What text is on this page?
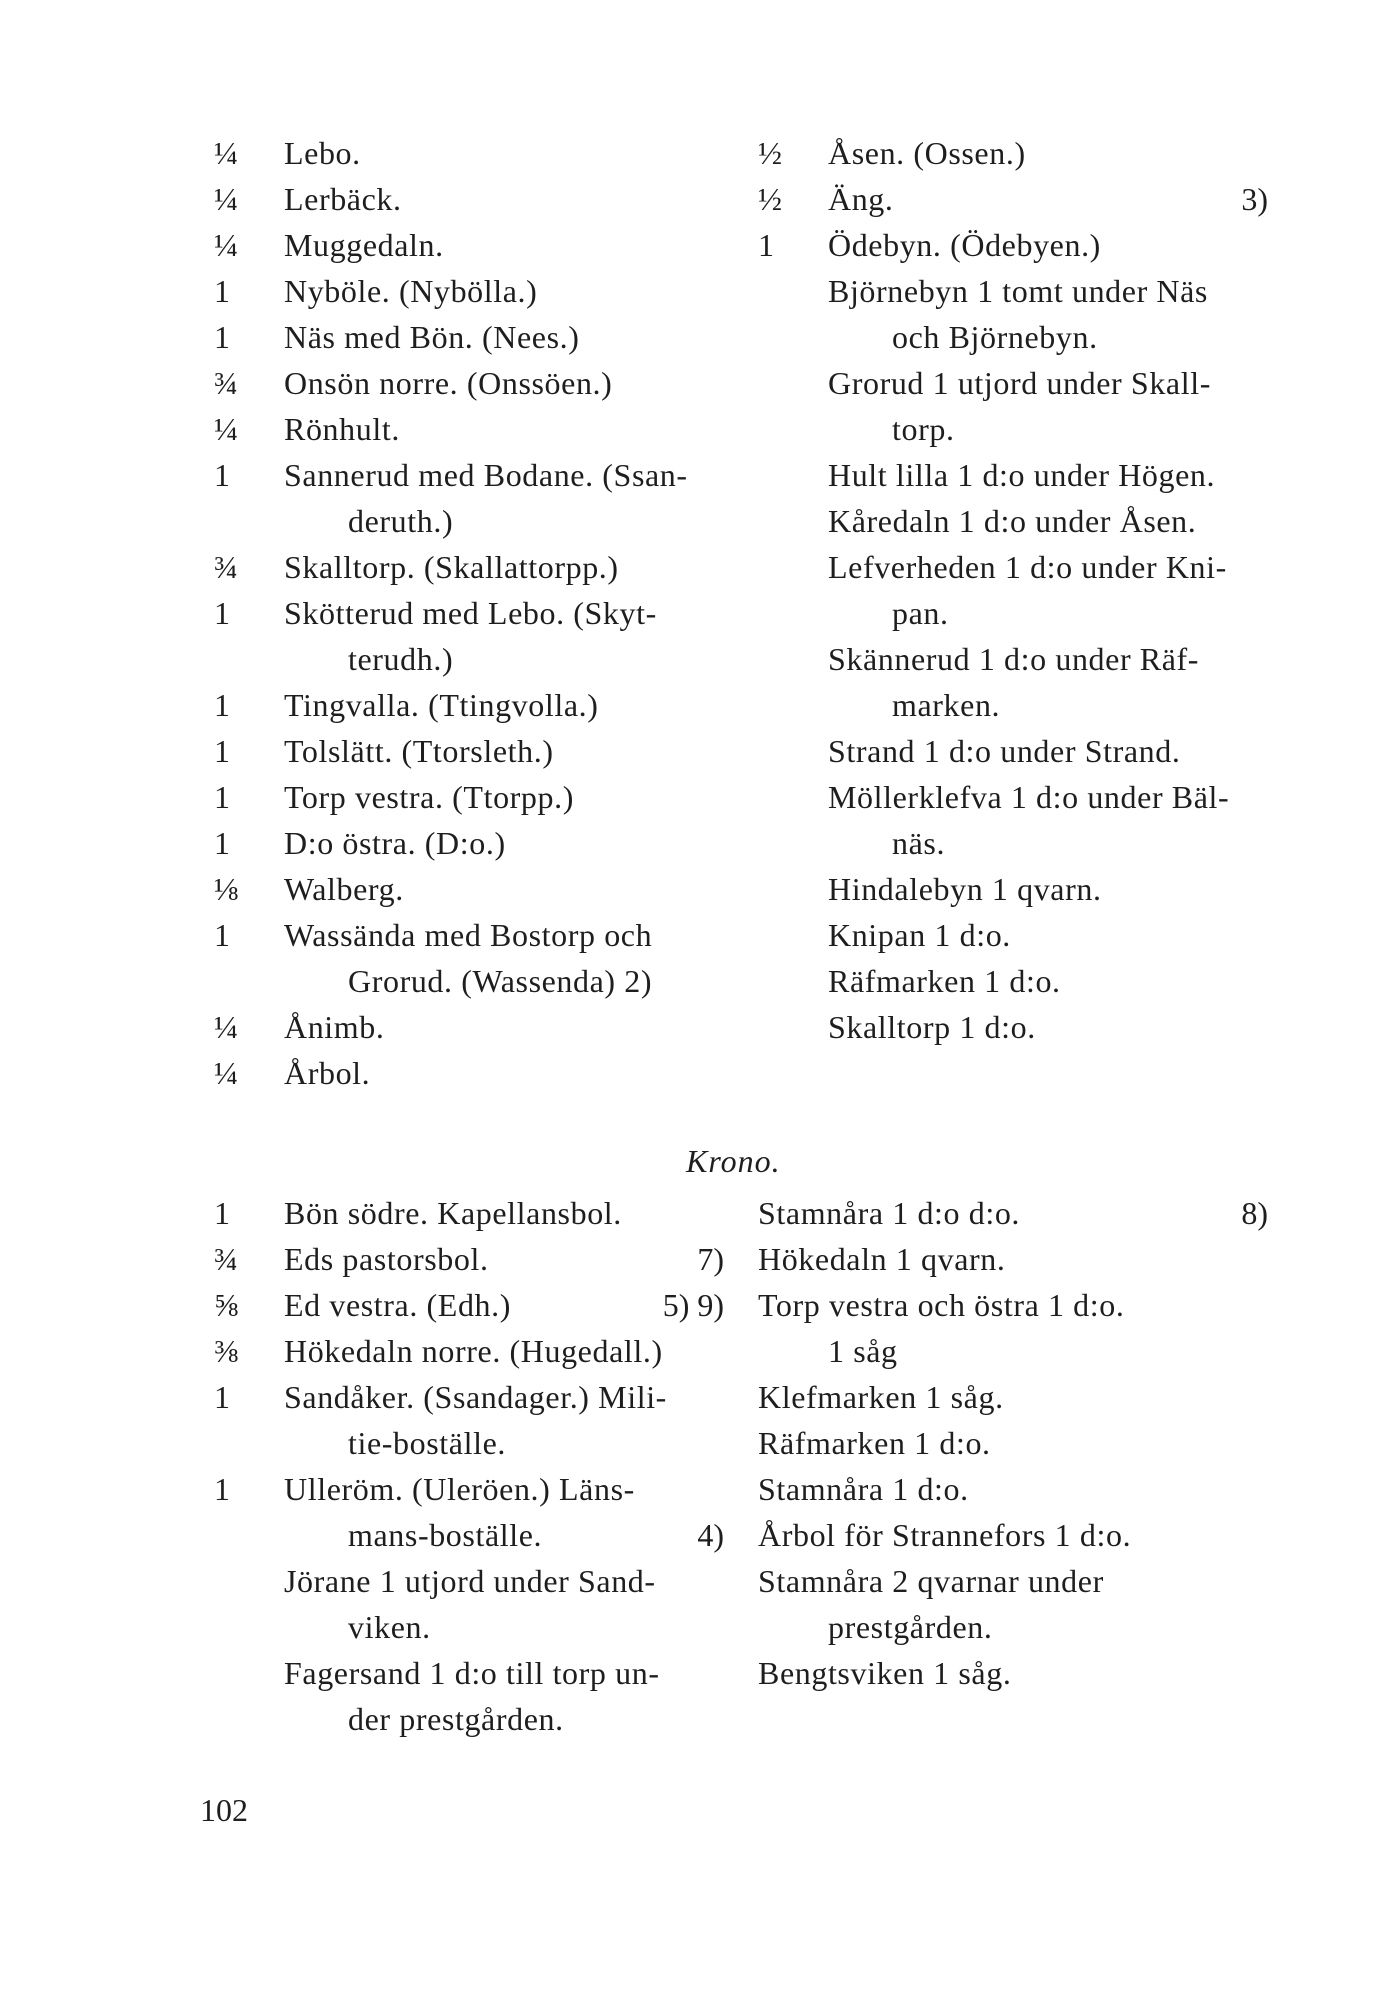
¼	Lebo.
¼	Lerbäck.
¼	Muggedaln.
1	Nyböle. (Nybölla.)
1	Näs med Bön. (Nees.)
¾	Onsön norre. (Onssöen.)
¼	Rönhult.
1	Sannerud med Bodane. (Ssan-
deruth.)
¾	Skalltorp. (Skallattorpp.)
1	Skötterud med Lebo. (Skyt-
terudh.)
1	Tingvalla. (Ttingvolla.)
1	Tolslätt. (Ttorsleth.)
1	Torp vestra. (Ttorpp.)
1	D:o östra. (D:o.)
⅛	Walberg.
1	Wassända med Bostorp och
Grorud. (Wassenda) 2)
¼	Ånimb.
¼	Årbol.
½	Åsen. (Ossen.)
½	Äng.	3)
1	Ödebyn. (Ödebyen.)
Björnebyn 1 tomt under Näs
och Björnebyn.
Grorud 1 utjord under Skall-
torp.
Hult lilla 1 d:o under Högen.
Kåredaln 1 d:o under Åsen.
Lefverheden 1 d:o under Kni-
pan.
Skännerud 1 d:o under Räf-
marken.
Strand 1 d:o under Strand.
Möllerklefva 1 d:o under Bäl-
näs.
Hindalebyn 1 qvarn.
Knipan 1 d:o.
Räfmarken 1 d:o.
Skalltorp 1 d:o.
Krono.
1	Bön södre. Kapellansbol.
¾	Eds pastorsbol.	7)
⅝	Ed vestra. (Edh.)	5) 9)
⅜	Hökedaln norre. (Hugedall.)
1	Sandåker. (Ssandager.) Mili-
tie-boställe.
1	Ulleröm. (Uleröen.) Läns-
mans-boställe.	4)
Jörane 1 utjord under Sand-
viken.
Fagersand 1 d:o till torp un-
der prestgården.
Stamnåra 1 d:o d:o.	8)
Hökedaln 1 qvarn.
Torp vestra och östra 1 d:o.
1 såg
Klefmarken 1 såg.
Räfmarken 1 d:o.
Stamnåra 1 d:o.
Årbol för Strannefors 1 d:o.
Stamnåra 2 qvarnar under
prestgården.
Bengtsviken 1 såg.
102
